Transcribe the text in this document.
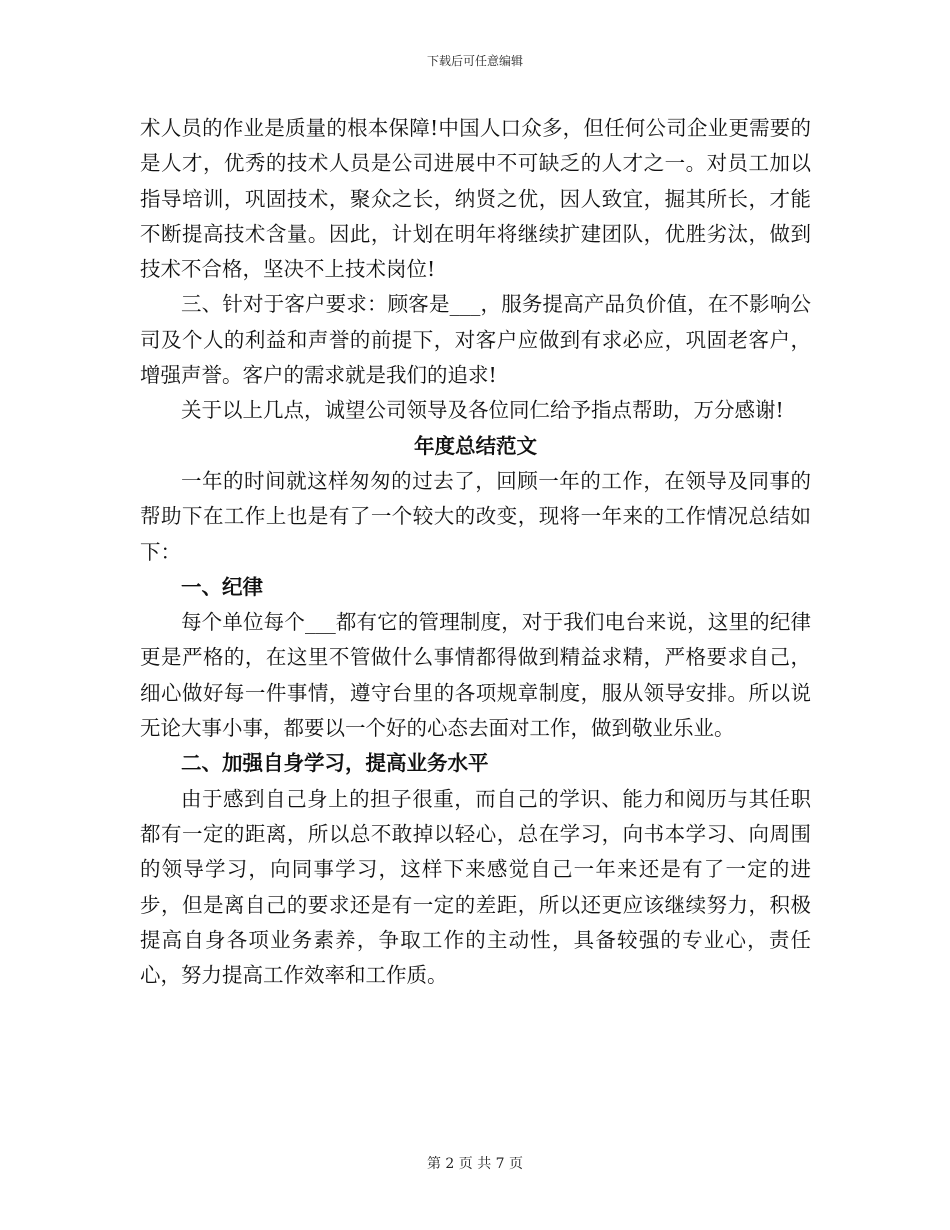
下载后可任意编辑

术人员的作业是质量的根本保障!中国人口众多，但任何公司企业更需要的是人才，优秀的技术人员是公司进展中不可缺乏的人才之一。对员工加以指导培训，巩固技术，聚众之长，纳贤之优，因人致宜，掘其所长，才能不断提高技术含量。因此，计划在明年将继续扩建团队，优胜劣汰，做到技术不合格，坚决不上技术岗位!

三、针对于客户要求：顾客是___，服务提高产品负价值，在不影响公司及个人的利益和声誉的前提下，对客户应做到有求必应，巩固老客户，增强声誉。客户的需求就是我们的追求!

关于以上几点，诚望公司领导及各位同仁给予指点帮助，万分感谢!

年度总结范文

一年的时间就这样匆匆的过去了，回顾一年的工作，在领导及同事的帮助下在工作上也是有了一个较大的改变，现将一年来的工作情况总结如下：

一、纪律

每个单位每个___都有它的管理制度，对于我们电台来说，这里的纪律更是严格的，在这里不管做什么事情都得做到精益求精，严格要求自己，细心做好每一件事情，遵守台里的各项规章制度，服从领导安排。所以说无论大事小事，都要以一个好的心态去面对工作，做到敬业乐业。

二、加强自身学习，提高业务水平

由于感到自己身上的担子很重，而自己的学识、能力和阅历与其任职都有一定的距离，所以总不敢掉以轻心，总在学习，向书本学习、向周围的领导学习，向同事学习，这样下来感觉自己一年来还是有了一定的进步，但是离自己的要求还是有一定的差距，所以还更应该继续努力，积极提高自身各项业务素养，争取工作的主动性，具备较强的专业心，责任心，努力提高工作效率和工作质。

第 2 页 共 7 页
